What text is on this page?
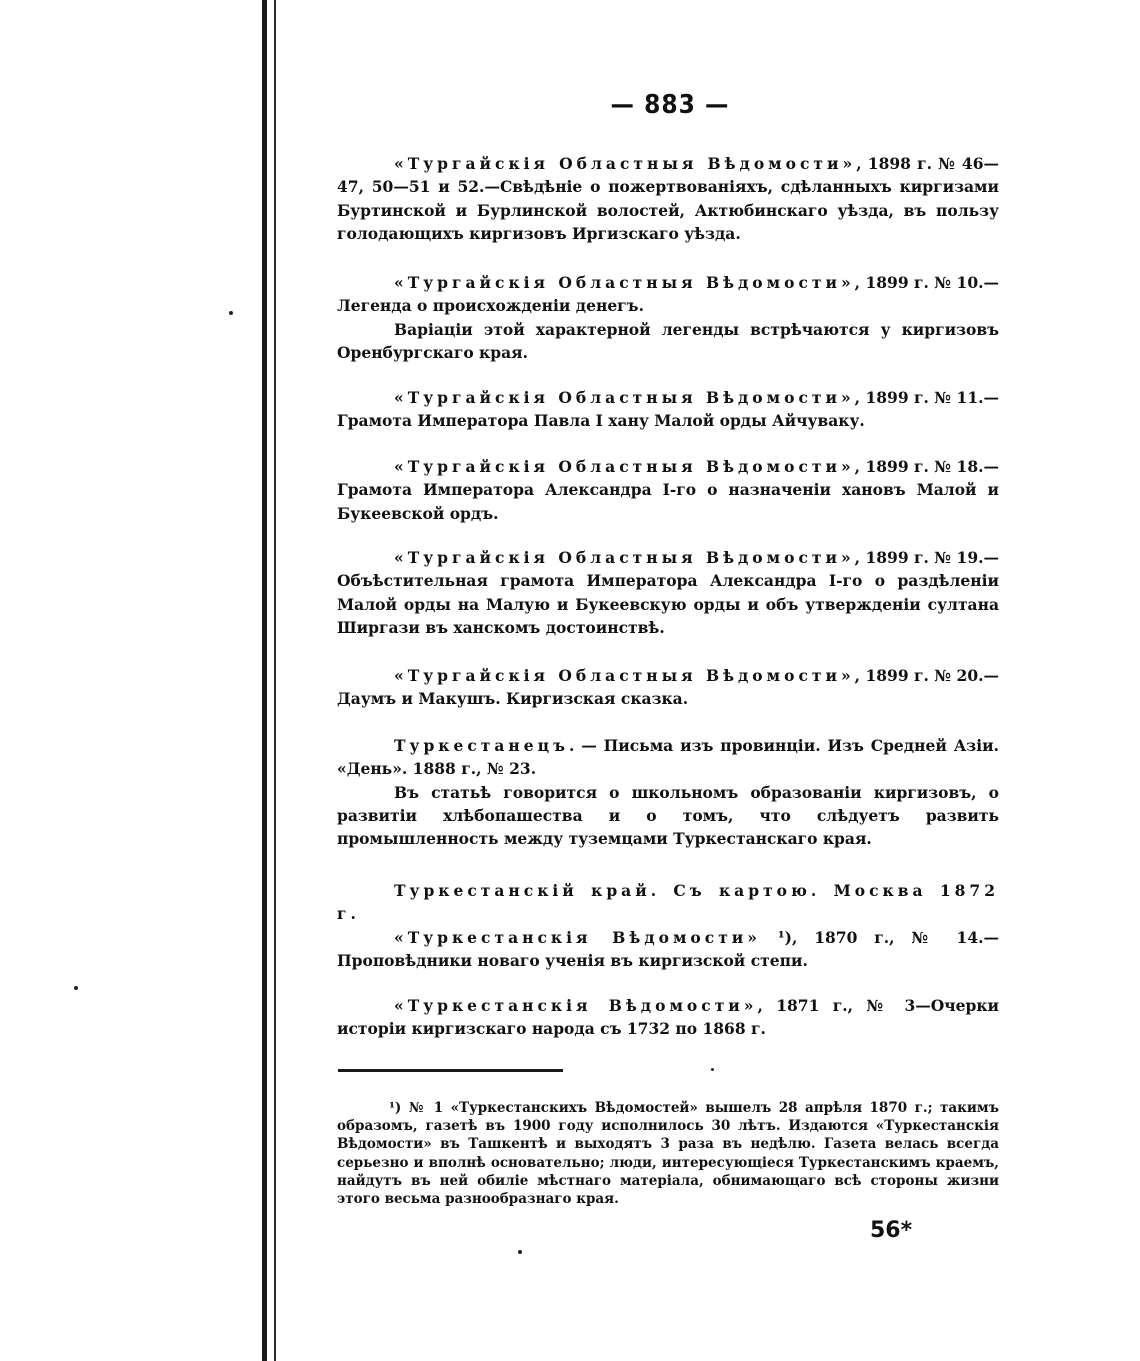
— 883 —

«Тургайскія Областныя Вѣдомости», 1898 г. № 46—47, 50—51 и 52.—Свѣдѣніе о пожертвованіяхъ, сдѣланныхъ киргизами Буртинской и Бурлинской волостей, Актюбинскаго уѣзда, въ пользу голодающихъ киргизовъ Иргизскаго уѣзда.

«Тургайскія Областныя Вѣдомости», 1899 г. № 10.—Легенда о происхожденіи денегъ.

Варіаціи этой характерной легенды встрѣчаются у киргизовъ Оренбургскаго края.

«Тургайскія Областныя Вѣдомости», 1899 г. № 11.—Грамота Императора Павла I хану Малой орды Айчуваку.

«Тургайскія Областныя Вѣдомости», 1899 г. № 18.—Грамота Императора Александра I-го о назначеніи хановъ Малой и Букеевской ордъ.

«Тургайскія Областныя Вѣдомости», 1899 г. № 19.—Объѣстительная грамота Императора Александра I-го о раздѣленіи Малой орды на Малую и Букеевскую орды и объ утвержденіи султана Ширгази въ ханскомъ достоинствѣ.

«Тургайскія Областныя Вѣдомости», 1899 г. № 20.—Даумъ и Макушъ. Киргизская сказка.

Туркестанецъ. — Письма изъ провинціи. Изъ Средней Азіи. «День». 1888 г., № 23.

Въ статьѣ говорится о школьномъ образованіи киргизовъ, о развитіи хлѣбопашества и о томъ, что слѣдуетъ развить промышленность между туземцами Туркестанскаго края.

Туркестанскій край. Съ картою. Москва 1872 г.

«Туркестанскія Вѣдомости» ¹), 1870 г., № 14.—Проповѣдники новаго ученія въ киргизской степи.

«Туркестанскія Вѣдомости», 1871 г., № 3—Очерки исторіи киргизскаго народа съ 1732 по 1868 г.

¹) № 1 «Туркестанскихъ Вѣдомостей» вышелъ 28 апрѣля 1870 г.; такимъ образомъ, газетѣ въ 1900 году исполнилось 30 лѣтъ. Издаются «Туркестанскія Вѣдомости» въ Ташкентѣ и выходятъ 3 раза въ недѣлю. Газета велась всегда серьезно и вполнѣ основательно; люди, интересующіеся Туркестанскимъ краемъ, найдутъ въ ней обиліе мѣстнаго матеріала, обнимающаго всѣ стороны жизни этого весьма разнообразнаго края.

56*
